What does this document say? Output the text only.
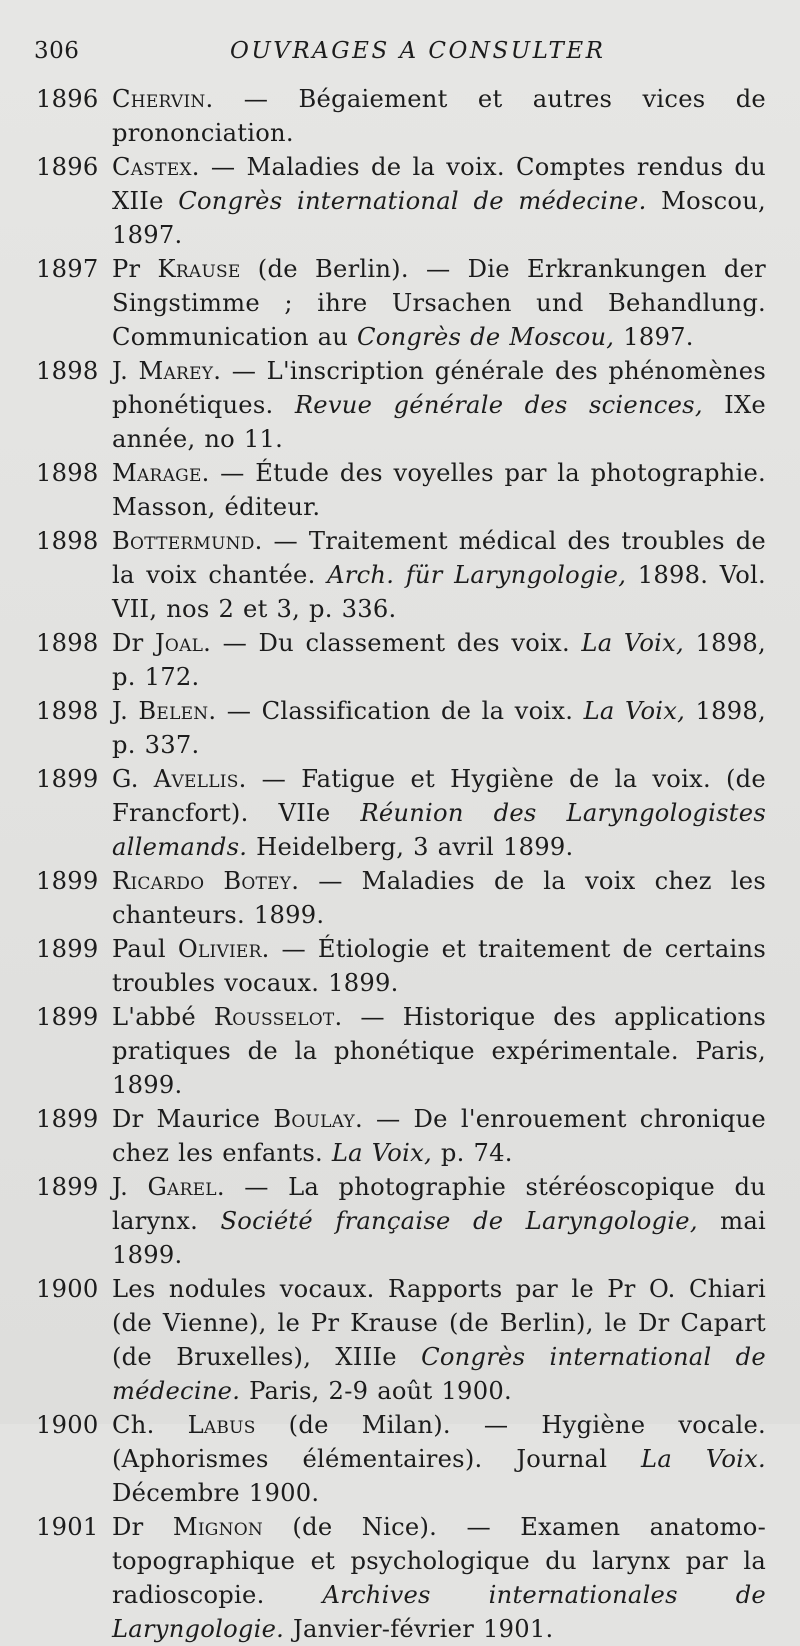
306	OUVRAGES A CONSULTER
1896 Chervin. — Bégaiement et autres vices de prononciation.
1896 Castex. — Maladies de la voix. Comptes rendus du XIIe Congrès international de médecine. Moscou, 1897.
1897 Pr Krause (de Berlin). — Die Erkrankungen der Singstimme ; ihre Ursachen und Behandlung. Communication au Congrès de Moscou, 1897.
1898 J. Marey. — L'inscription générale des phénomènes phonétiques. Revue générale des sciences, IXe année, no 11.
1898 Marage. — Étude des voyelles par la photographie. Masson, éditeur.
1898 Bottermund. — Traitement médical des troubles de la voix chantée. Arch. für Laryngologie, 1898. Vol. VII, nos 2 et 3, p. 336.
1898 Dr Joal. — Du classement des voix. La Voix, 1898, p. 172.
1898 J. Belen. — Classification de la voix. La Voix, 1898, p. 337.
1899 G. Avellis. — Fatigue et Hygiène de la voix. (de Francfort). VIIe Réunion des Laryngologistes allemands. Heidelberg, 3 avril 1899.
1899 Ricardo Botey. — Maladies de la voix chez les chanteurs. 1899.
1899 Paul Olivier. — Étiologie et traitement de certains troubles vocaux. 1899.
1899 L'abbé Rousselot. — Historique des applications pratiques de la phonétique expérimentale. Paris, 1899.
1899 Dr Maurice Boulay. — De l'enrouement chronique chez les enfants. La Voix, p. 74.
1899 J. Garel. — La photographie stéréoscopique du larynx. Société française de Laryngologie, mai 1899.
1900 Les nodules vocaux. Rapports par le Pr O. Chiari (de Vienne), le Pr Krause (de Berlin), le Dr Capart (de Bruxelles), XIIIe Congrès international de médecine. Paris, 2-9 août 1900.
1900 Ch. Labus (de Milan). — Hygiène vocale. (Aphorismes élémentaires). Journal La Voix. Décembre 1900.
1901 Dr Mignon (de Nice). — Examen anatomo-topographique et psychologique du larynx par la radioscopie. Archives internationales de Laryngologie. Janvier-février 1901.
